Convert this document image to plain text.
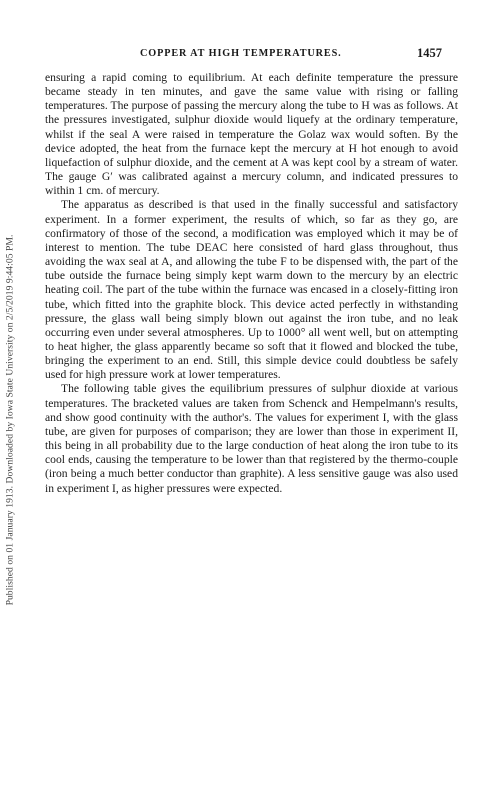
COPPER AT HIGH TEMPERATURES.	1457
Published on 01 January 1913. Downloaded by Iowa State University on 2/5/2019 9:44:05 PM.

ensuring a rapid coming to equilibrium. At each definite temperature the pressure became steady in ten minutes, and gave the same value with rising or falling temperatures. The purpose of passing the mercury along the tube to H was as follows. At the pressures investigated, sulphur dioxide would liquefy at the ordinary temperature, whilst if the seal A were raised in temperature the Golaz wax would soften. By the device adopted, the heat from the furnace kept the mercury at H hot enough to avoid liquefaction of sulphur dioxide, and the cement at A was kept cool by a stream of water. The gauge G′ was calibrated against a mercury column, and indicated pressures to within 1 cm. of mercury.

The apparatus as described is that used in the finally successful and satisfactory experiment. In a former experiment, the results of which, so far as they go, are confirmatory of those of the second, a modification was employed which it may be of interest to mention. The tube DEAC here consisted of hard glass throughout, thus avoiding the wax seal at A, and allowing the tube F to be dispensed with, the part of the tube outside the furnace being simply kept warm down to the mercury by an electric heating coil. The part of the tube within the furnace was encased in a closely-fitting iron tube, which fitted into the graphite block. This device acted perfectly in withstanding pressure, the glass wall being simply blown out against the iron tube, and no leak occurring even under several atmospheres. Up to 1000° all went well, but on attempting to heat higher, the glass apparently became so soft that it flowed and blocked the tube, bringing the experiment to an end. Still, this simple device could doubtless be safely used for high pressure work at lower temperatures.

The following table gives the equilibrium pressures of sulphur dioxide at various temperatures. The bracketed values are taken from Schenck and Hempelmann's results, and show good continuity with the author's. The values for experiment I, with the glass tube, are given for purposes of comparison; they are lower than those in experiment II, this being in all probability due to the large conduction of heat along the iron tube to its cool ends, causing the temperature to be lower than that registered by the thermo-couple (iron being a much better conductor than graphite). A less sensitive gauge was also used in experiment I, as higher pressures were expected.
